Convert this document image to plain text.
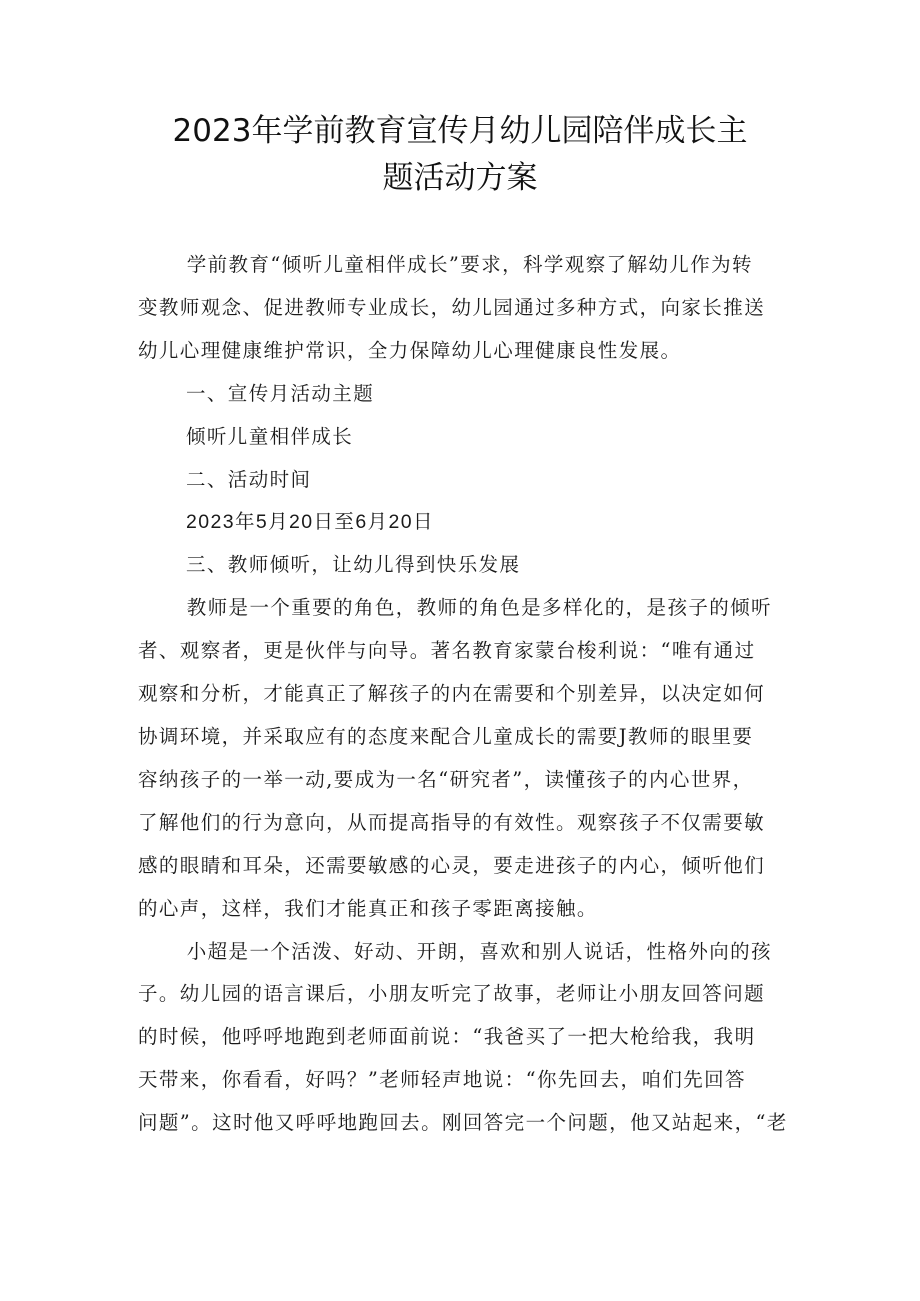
2023年学前教育宣传月幼儿园陪伴成长主
题活动方案

学前教育“倾听儿童相伴成长”要求，科学观察了解幼儿作为转
变教师观念、促进教师专业成长，幼儿园通过多种方式，向家长推送
幼儿心理健康维护常识，全力保障幼儿心理健康良性发展。

一、宣传月活动主题

倾听儿童相伴成长

二、活动时间

2023年5月20日至6月20日

三、教师倾听，让幼儿得到快乐发展

教师是一个重要的角色，教师的角色是多样化的，是孩子的倾听
者、观察者，更是伙伴与向导。著名教育家蒙台梭利说：“唯有通过
观察和分析，才能真正了解孩子的内在需要和个别差异，以决定如何
协调环境，并采取应有的态度来配合儿童成长的需要J教师的眼里要
容纳孩子的一举一动,要成为一名“研究者”，读懂孩子的内心世界，
了解他们的行为意向，从而提高指导的有效性。观察孩子不仅需要敏
感的眼睛和耳朵，还需要敏感的心灵，要走进孩子的内心，倾听他们
的心声，这样，我们才能真正和孩子零距离接触。

小超是一个活泼、好动、开朗，喜欢和别人说话，性格外向的孩
子。幼儿园的语言课后，小朋友听完了故事，老师让小朋友回答问题
的时候，他呼呼地跑到老师面前说：“我爸买了一把大枪给我，我明
天带来，你看看，好吗？”老师轻声地说：“你先回去，咱们先回答
问题”。这时他又呼呼地跑回去。刚回答完一个问题，他又站起来，“老
